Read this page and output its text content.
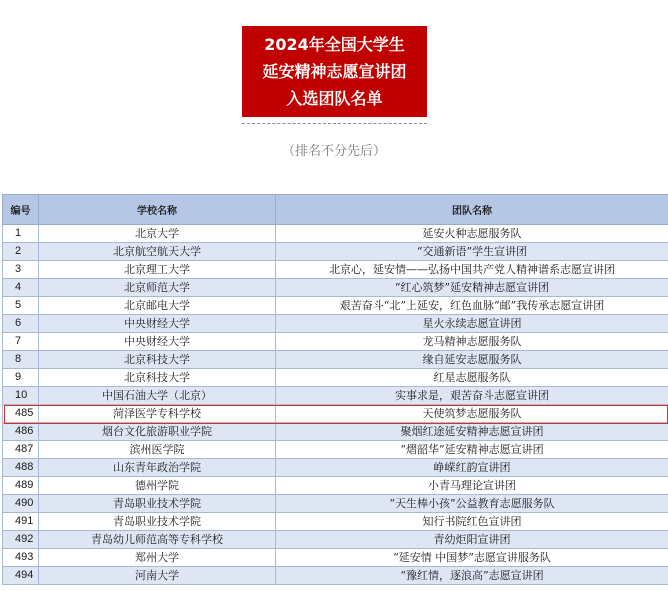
2024年全国大学生
延安精神志愿宣讲团
入选团队名单
（排名不分先后）
编号	学校名称	团队名称
1	北京大学	延安火种志愿服务队
2	北京航空航天大学	“交通新语”学生宣讲团
3	北京理工大学	北京心，延安情——弘扬中国共产党人精神谱系志愿宣讲团
4	北京师范大学	“红心筑梦”延安精神志愿宣讲团
5	北京邮电大学	艰苦奋斗“北”上延安，红色血脉“邮”我传承志愿宣讲团
6	中央财经大学	星火永续志愿宣讲团
7	中央财经大学	龙马精神志愿服务队
8	北京科技大学	缘自延安志愿服务队
9	北京科技大学	红星志愿服务队
10	中国石油大学（北京）	实事求是，艰苦奋斗志愿宣讲团
485	菏泽医学专科学校	天使筑梦志愿服务队
486	烟台文化旅游职业学院	聚烟红途延安精神志愿宣讲团
487	滨州医学院	“熠韶华”延安精神志愿宣讲团
488	山东青年政治学院	峥嵘红韵宣讲团
489	德州学院	小青马理论宣讲团
490	青岛职业技术学院	“天生棒小孩”公益教育志愿服务队
491	青岛职业技术学院	知行书院红色宣讲团
492	青岛幼儿师范高等专科学校	青幼炬阳宣讲团
493	郑州大学	“延安情 中国梦”志愿宣讲服务队
494	河南大学	“豫红情，逐浪高”志愿宣讲团
